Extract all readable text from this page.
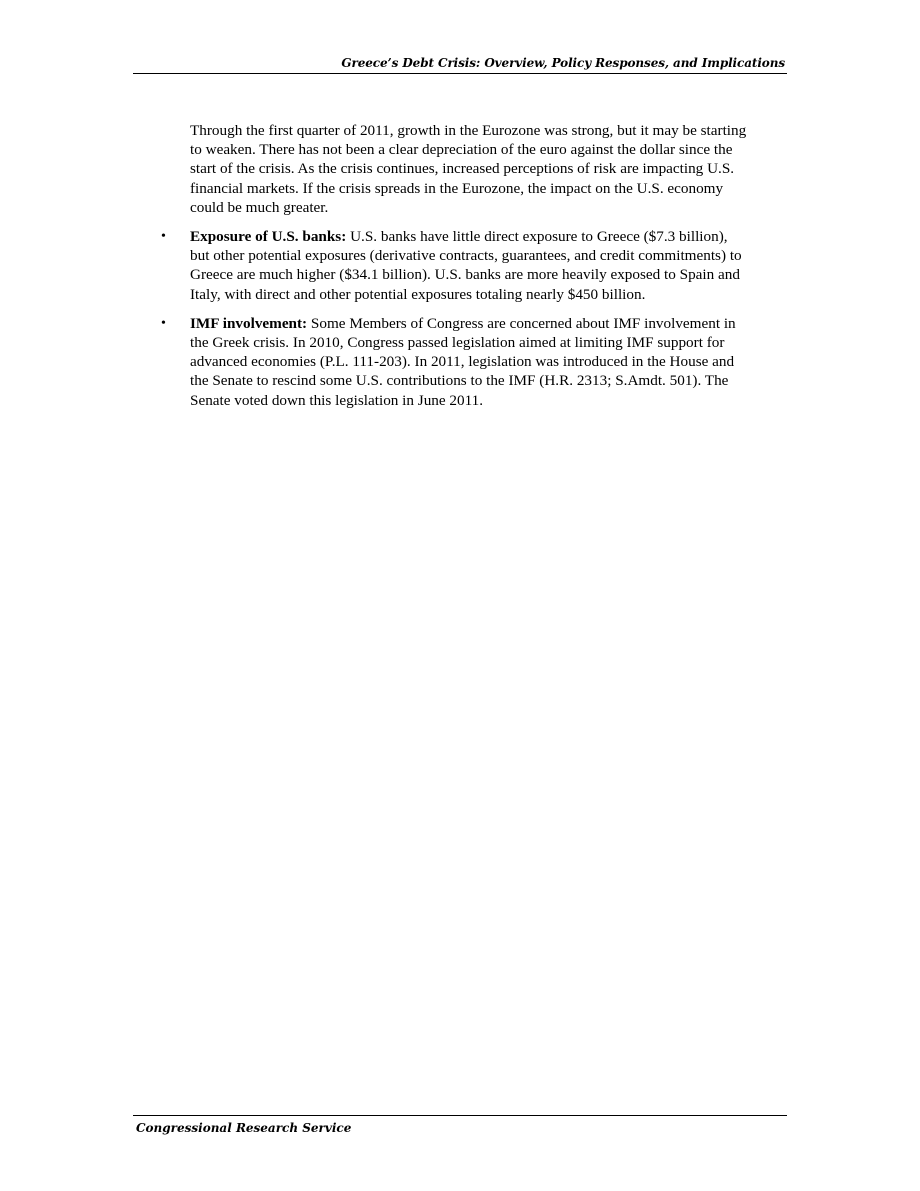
Greece’s Debt Crisis: Overview, Policy Responses, and Implications

Through the first quarter of 2011, growth in the Eurozone was strong, but it may be starting to weaken. There has not been a clear depreciation of the euro against the dollar since the start of the crisis. As the crisis continues, increased perceptions of risk are impacting U.S. financial markets. If the crisis spreads in the Eurozone, the impact on the U.S. economy could be much greater.

• Exposure of U.S. banks: U.S. banks have little direct exposure to Greece ($7.3 billion), but other potential exposures (derivative contracts, guarantees, and credit commitments) to Greece are much higher ($34.1 billion). U.S. banks are more heavily exposed to Spain and Italy, with direct and other potential exposures totaling nearly $450 billion.
• IMF involvement: Some Members of Congress are concerned about IMF involvement in the Greek crisis. In 2010, Congress passed legislation aimed at limiting IMF support for advanced economies (P.L. 111-203). In 2011, legislation was introduced in the House and the Senate to rescind some U.S. contributions to the IMF (H.R. 2313; S.Amdt. 501). The Senate voted down this legislation in June 2011.
Congressional Research Service
